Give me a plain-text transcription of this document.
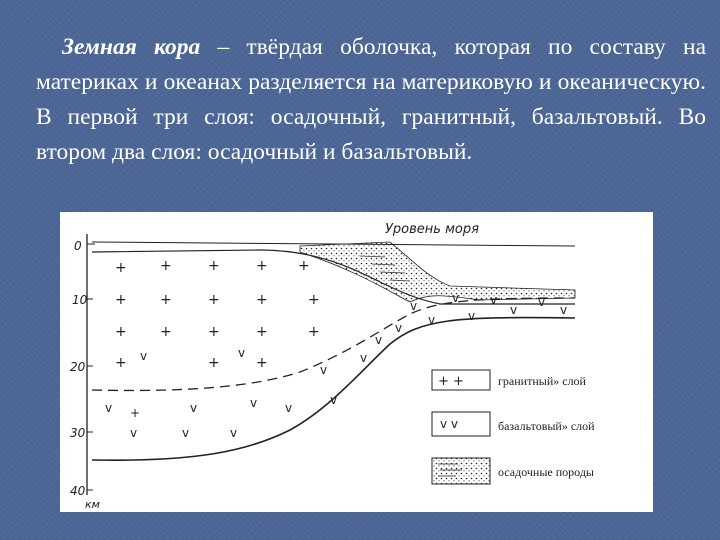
Земная кора – твёрдая оболочка, которая по составу на материках и океанах разделяется на материковую и океаническую. В первой три слоя: осадочный, гранитный, базальтовый. Во втором два слоя: осадочный и базальтовый.
0
10
20
30
40
км
Уровень моря
+ +	+	+ +
+ +	+	+	+
+ +	+	+	+
+	+	+
v	v
v
v
v +	v	v v
v
v	v	v
v
v	v	v
v	v	v	v
v
v
+ +	гранитный» слой
v v	базальтовый» слой
осадочные породы
